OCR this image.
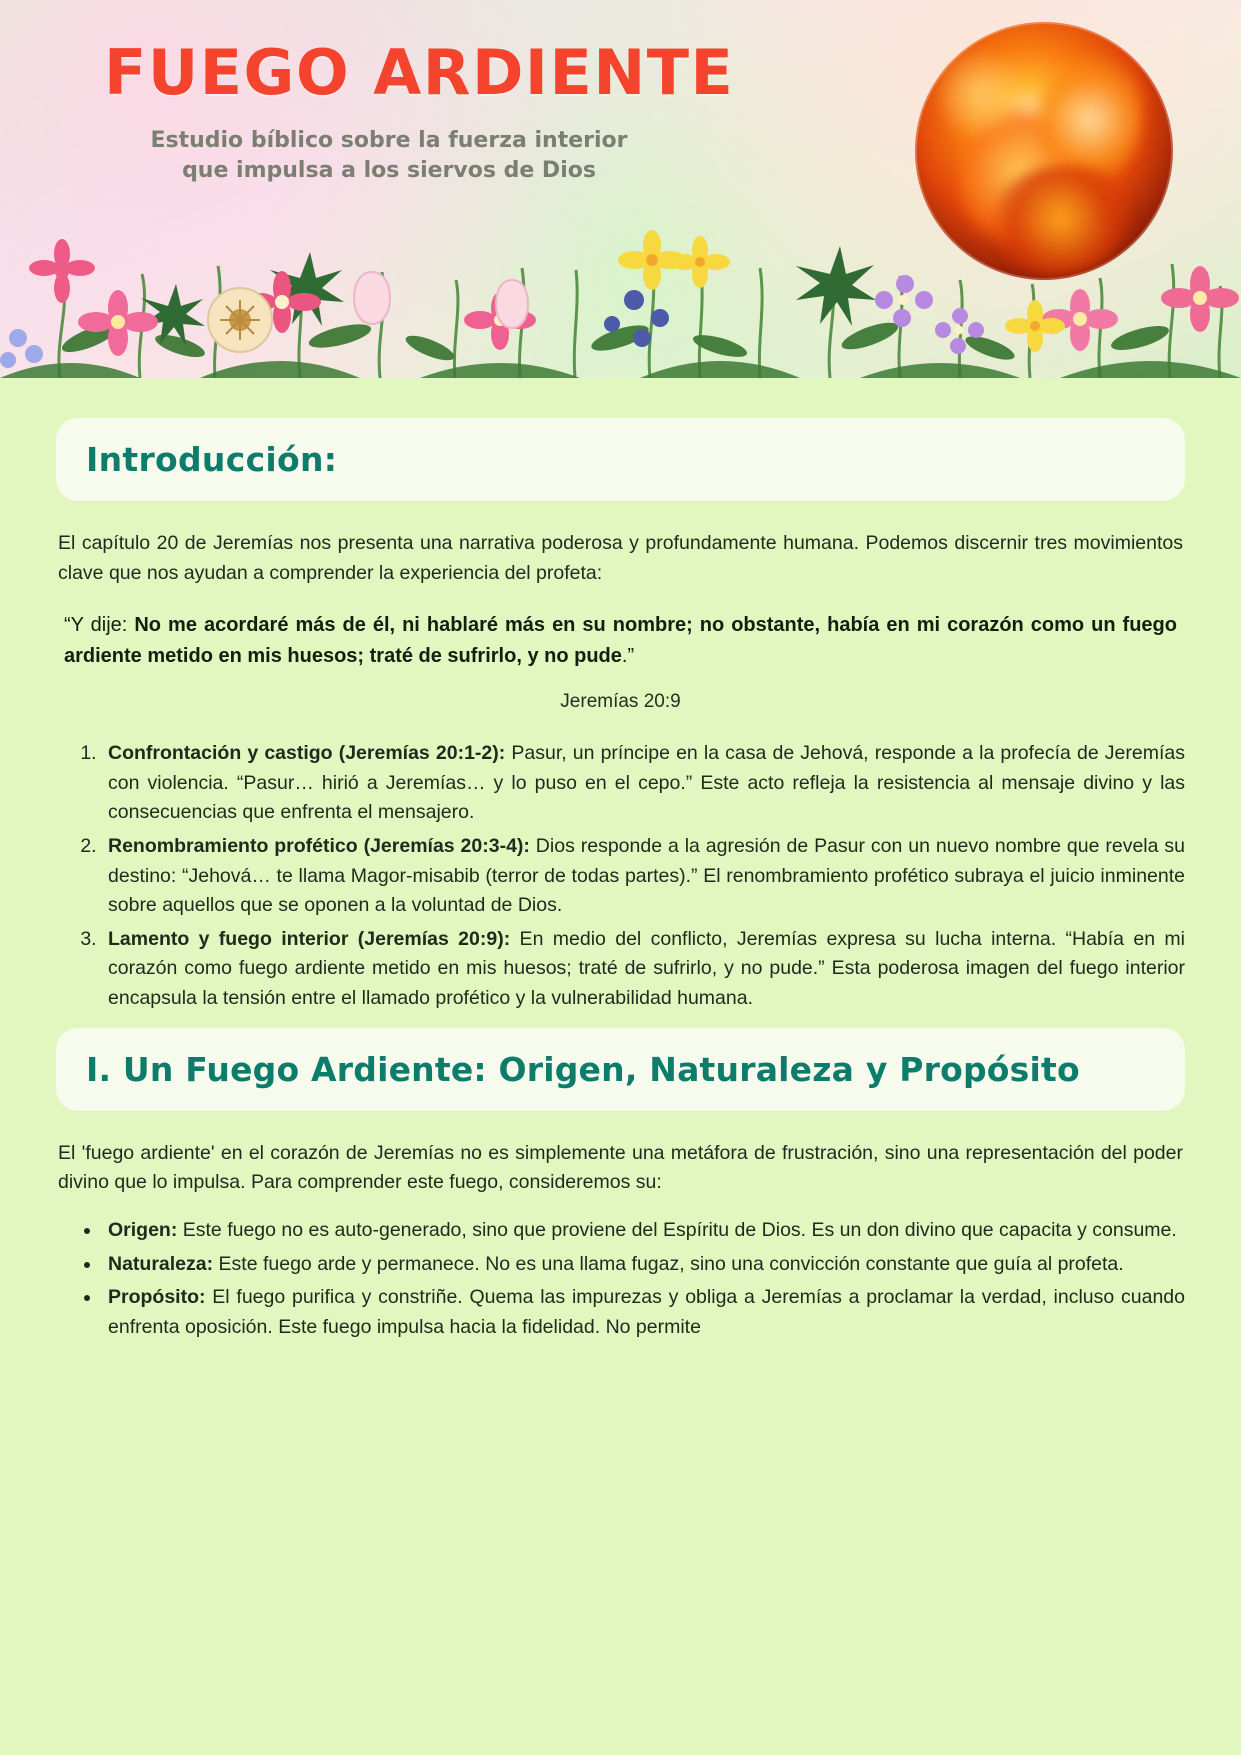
FUEGO ARDIENTE
Estudio bíblico sobre la fuerza interior
que impulsa a los siervos de Dios
Introducción:

El capítulo 20 de Jeremías nos presenta una narrativa poderosa y profundamente humana. Podemos discernir tres movimientos clave que nos ayudan a comprender la experiencia del profeta:

“Y dije: No me acordaré más de él, ni hablaré más en su nombre; no obstante, había en mi corazón como un fuego ardiente metido en mis huesos; traté de sufrirlo, y no pude.”

Jeremías 20:9
1. Confrontación y castigo (Jeremías 20:1-2): Pasur, un príncipe en la casa de Jehová, responde a la profecía de Jeremías con violencia. “Pasur… hirió a Jeremías… y lo puso en el cepo.” Este acto refleja la resistencia al mensaje divino y las consecuencias que enfrenta el mensajero.
2. Renombramiento profético (Jeremías 20:3-4): Dios responde a la agresión de Pasur con un nuevo nombre que revela su destino: “Jehová… te llama Magor-misabib (terror de todas partes).” El renombramiento profético subraya el juicio inminente sobre aquellos que se oponen a la voluntad de Dios.
3. Lamento y fuego interior (Jeremías 20:9): En medio del conflicto, Jeremías expresa su lucha interna. “Había en mi corazón como fuego ardiente metido en mis huesos; traté de sufrirlo, y no pude.” Esta poderosa imagen del fuego interior encapsula la tensión entre el llamado profético y la vulnerabilidad humana.
I. Un Fuego Ardiente: Origen, Naturaleza y Propósito

El 'fuego ardiente' en el corazón de Jeremías no es simplemente una metáfora de frustración, sino una representación del poder divino que lo impulsa. Para comprender este fuego, consideremos su:

• Origen: Este fuego no es auto-generado, sino que proviene del Espíritu de Dios. Es un don divino que capacita y consume.
• Naturaleza: Este fuego arde y permanece. No es una llama fugaz, sino una convicción constante que guía al profeta.
• Propósito: El fuego purifica y constriñe. Quema las impurezas y obliga a Jeremías a proclamar la verdad, incluso cuando enfrenta oposición. Este fuego impulsa hacia la fidelidad. No permite
